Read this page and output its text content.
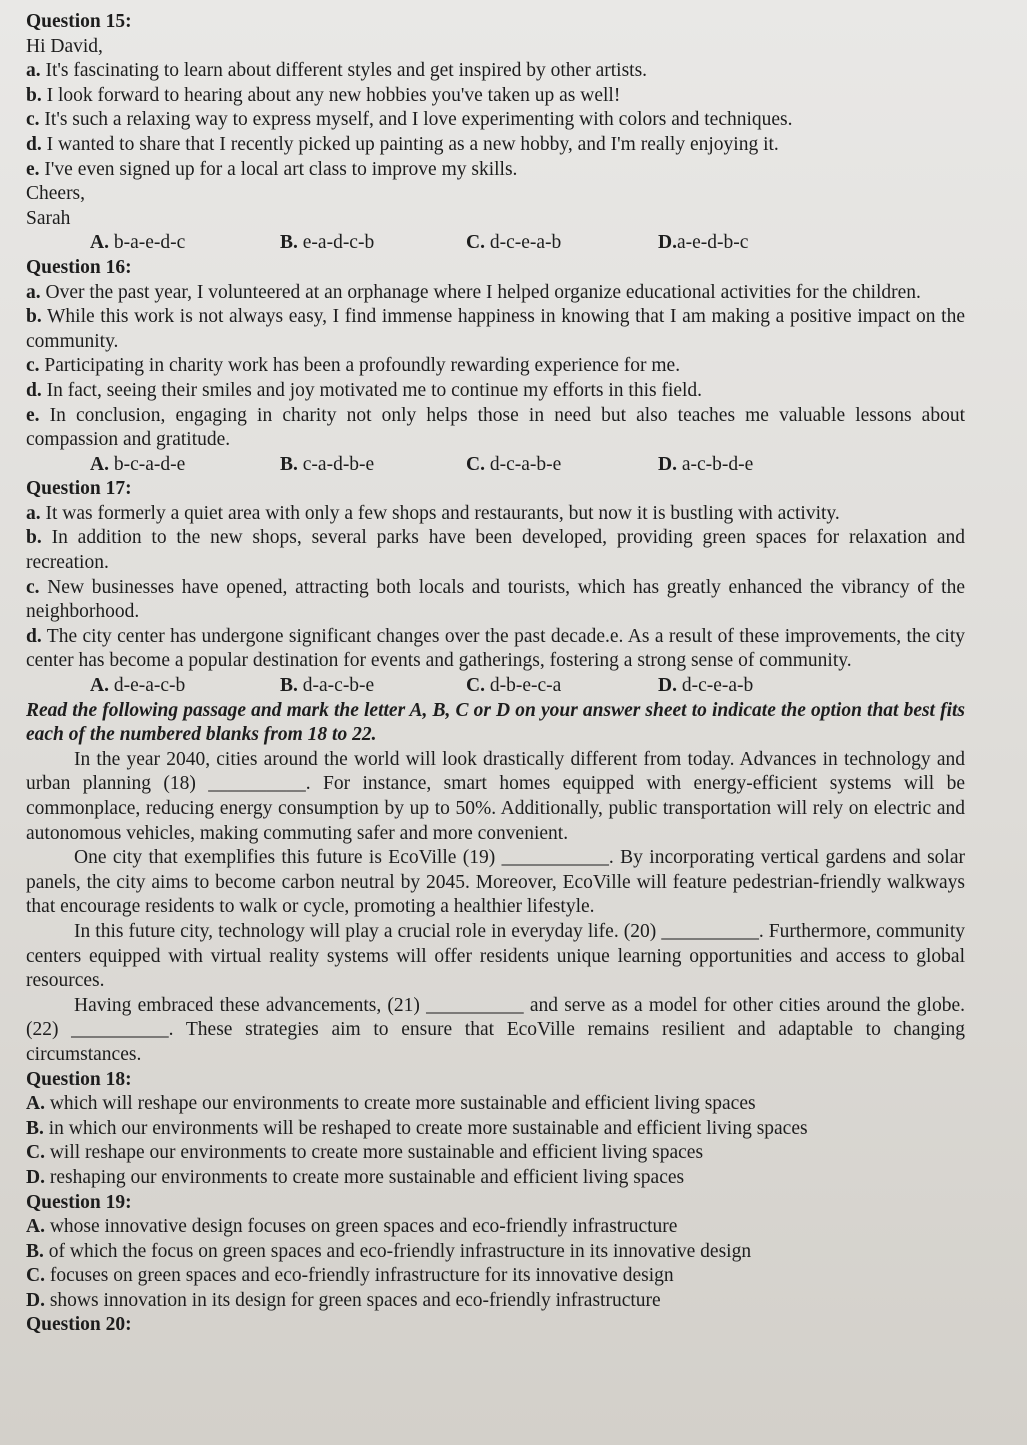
Question 15:
Hi David,
a. It's fascinating to learn about different styles and get inspired by other artists.
b. I look forward to hearing about any new hobbies you've taken up as well!
c. It's such a relaxing way to express myself, and I love experimenting with colors and techniques.
d. I wanted to share that I recently picked up painting as a new hobby, and I'm really enjoying it.
e. I've even signed up for a local art class to improve my skills.
Cheers,
Sarah
A. b-a-e-d-c	B. e-a-d-c-b	C. d-c-e-a-b	D.a-e-d-b-c
Question 16:
a. Over the past year, I volunteered at an orphanage where I helped organize educational activities for the children.
b. While this work is not always easy, I find immense happiness in knowing that I am making a positive impact on the community.
c. Participating in charity work has been a profoundly rewarding experience for me.
d. In fact, seeing their smiles and joy motivated me to continue my efforts in this field.
e. In conclusion, engaging in charity not only helps those in need but also teaches me valuable lessons about compassion and gratitude.
A. b-c-a-d-e	B. c-a-d-b-e	C. d-c-a-b-e	D. a-c-b-d-e
Question 17:
a. It was formerly a quiet area with only a few shops and restaurants, but now it is bustling with activity.
b. In addition to the new shops, several parks have been developed, providing green spaces for relaxation and recreation.
c. New businesses have opened, attracting both locals and tourists, which has greatly enhanced the vibrancy of the neighborhood.
d. The city center has undergone significant changes over the past decade.e. As a result of these improvements, the city center has become a popular destination for events and gatherings, fostering a strong sense of community.
A. d-e-a-c-b	B. d-a-c-b-e	C. d-b-e-c-a	D. d-c-e-a-b
Read the following passage and mark the letter A, B, C or D on your answer sheet to indicate the option that best fits each of the numbered blanks from 18 to 22.

In the year 2040, cities around the world will look drastically different from today. Advances in technology and urban planning (18) __________. For instance, smart homes equipped with energy-efficient systems will be commonplace, reducing energy consumption by up to 50%. Additionally, public transportation will rely on electric and autonomous vehicles, making commuting safer and more convenient.

One city that exemplifies this future is EcoVille (19) ___________. By incorporating vertical gardens and solar panels, the city aims to become carbon neutral by 2045. Moreover, EcoVille will feature pedestrian-friendly walkways that encourage residents to walk or cycle, promoting a healthier lifestyle.

In this future city, technology will play a crucial role in everyday life. (20) __________. Furthermore, community centers equipped with virtual reality systems will offer residents unique learning opportunities and access to global resources.

Having embraced these advancements, (21) __________ and serve as a model for other cities around the globe. (22) __________. These strategies aim to ensure that EcoVille remains resilient and adaptable to changing circumstances.

Question 18:
A. which will reshape our environments to create more sustainable and efficient living spaces
B. in which our environments will be reshaped to create more sustainable and efficient living spaces
C. will reshape our environments to create more sustainable and efficient living spaces
D. reshaping our environments to create more sustainable and efficient living spaces
Question 19:
A. whose innovative design focuses on green spaces and eco-friendly infrastructure
B. of which the focus on green spaces and eco-friendly infrastructure in its innovative design
C. focuses on green spaces and eco-friendly infrastructure for its innovative design
D. shows innovation in its design for green spaces and eco-friendly infrastructure
Question 20:
